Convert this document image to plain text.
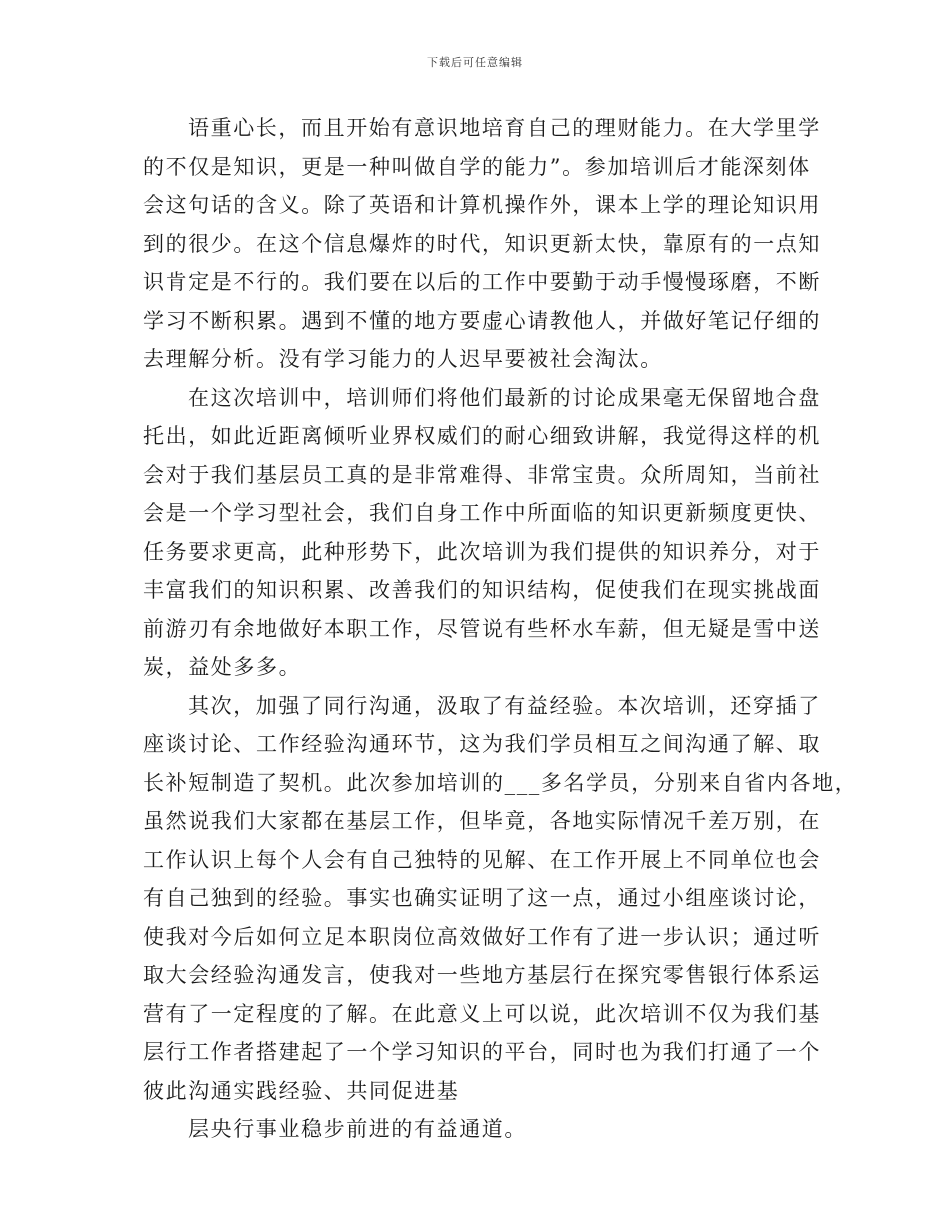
下载后可任意编辑
语重心长，而且开始有意识地培育自己的理财能力。在大学里学
的不仅是知识，更是一种叫做自学的能力”。参加培训后才能深刻体
会这句话的含义。除了英语和计算机操作外，课本上学的理论知识用
到的很少。在这个信息爆炸的时代，知识更新太快，靠原有的一点知
识肯定是不行的。我们要在以后的工作中要勤于动手慢慢琢磨，不断
学习不断积累。遇到不懂的地方要虚心请教他人，并做好笔记仔细的
去理解分析。没有学习能力的人迟早要被社会淘汰。
在这次培训中，培训师们将他们最新的讨论成果毫无保留地合盘
托出，如此近距离倾听业界权威们的耐心细致讲解，我觉得这样的机
会对于我们基层员工真的是非常难得、非常宝贵。众所周知，当前社
会是一个学习型社会，我们自身工作中所面临的知识更新频度更快、
任务要求更高，此种形势下，此次培训为我们提供的知识养分，对于
丰富我们的知识积累、改善我们的知识结构，促使我们在现实挑战面
前游刃有余地做好本职工作，尽管说有些杯水车薪，但无疑是雪中送
炭，益处多多。
其次，加强了同行沟通，汲取了有益经验。本次培训，还穿插了
座谈讨论、工作经验沟通环节，这为我们学员相互之间沟通了解、取
长补短制造了契机。此次参加培训的___多名学员，分别来自省内各地，
虽然说我们大家都在基层工作，但毕竟，各地实际情况千差万别，在
工作认识上每个人会有自己独特的见解、在工作开展上不同单位也会
有自己独到的经验。事实也确实证明了这一点，通过小组座谈讨论，
使我对今后如何立足本职岗位高效做好工作有了进一步认识；通过听
取大会经验沟通发言，使我对一些地方基层行在探究零售银行体系运
营有了一定程度的了解。在此意义上可以说，此次培训不仅为我们基
层行工作者搭建起了一个学习知识的平台，同时也为我们打通了一个
彼此沟通实践经验、共同促进基
层央行事业稳步前进的有益通道。
